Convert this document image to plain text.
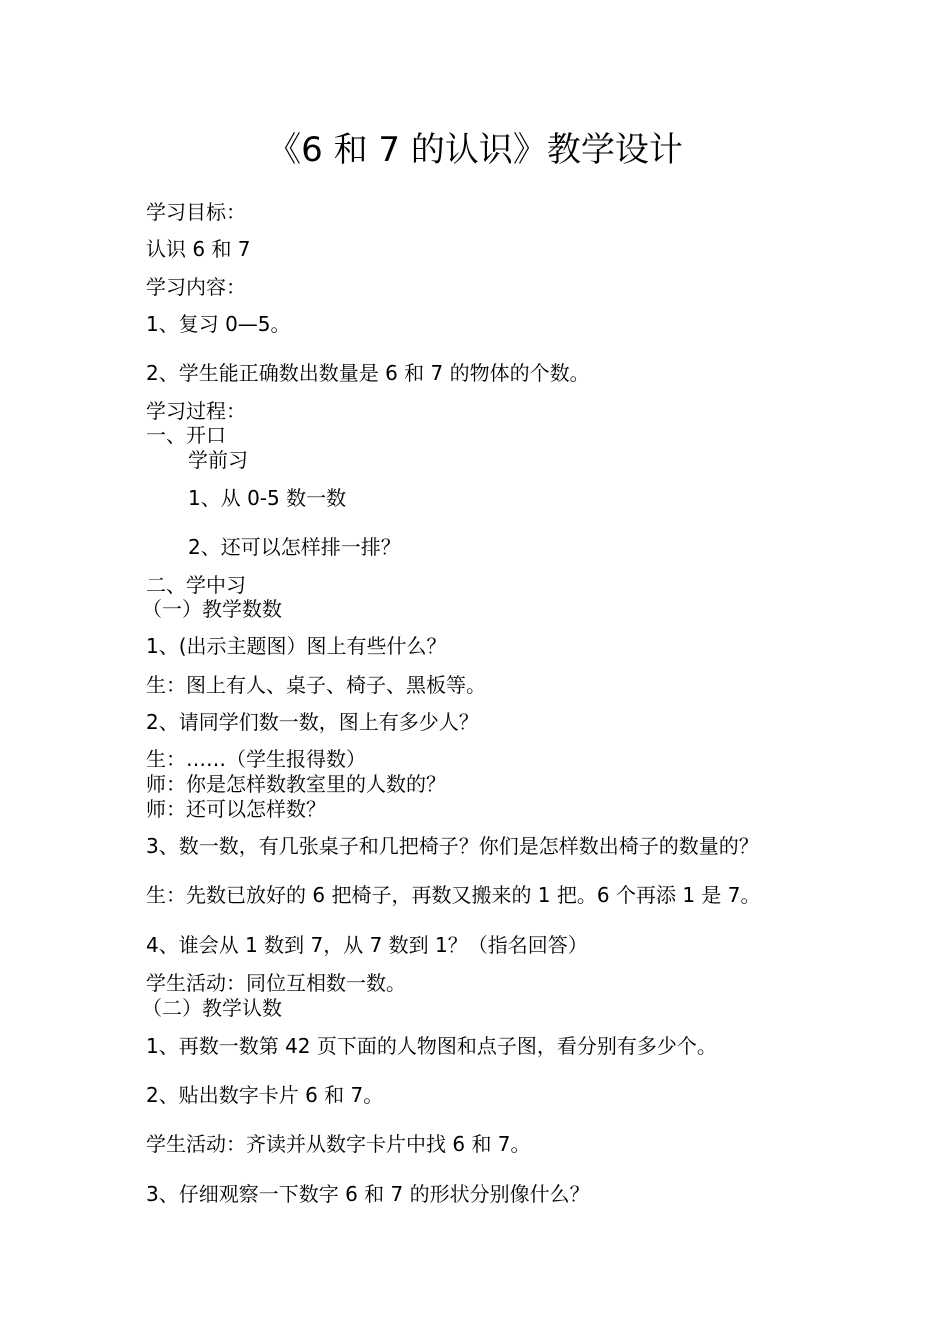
《6 和 7 的认识》教学设计
学习目标：
认识 6 和 7
学习内容：
1、复习 0—5。
2、学生能正确数出数量是 6 和 7 的物体的个数。
学习过程：
一、开口
学前习
1、从 0-5 数一数
2、还可以怎样排一排？
二、学中习
（一）教学数数
1、(出示主题图）图上有些什么？
生：图上有人、桌子、椅子、黑板等。
2、请同学们数一数，图上有多少人？
生：……（学生报得数）
师：你是怎样数教室里的人数的？
师：还可以怎样数？
3、数一数，有几张桌子和几把椅子？你们是怎样数出椅子的数量的？
生：先数已放好的 6 把椅子，再数又搬来的 1 把。6 个再添 1 是 7。
4、谁会从 1 数到 7，从 7 数到 1？（指名回答）
学生活动：同位互相数一数。
（二）教学认数
1、再数一数第 42 页下面的人物图和点子图，看分别有多少个。
2、贴出数字卡片 6 和 7。
学生活动：齐读并从数字卡片中找 6 和 7。
3、仔细观察一下数字 6 和 7 的形状分别像什么？
